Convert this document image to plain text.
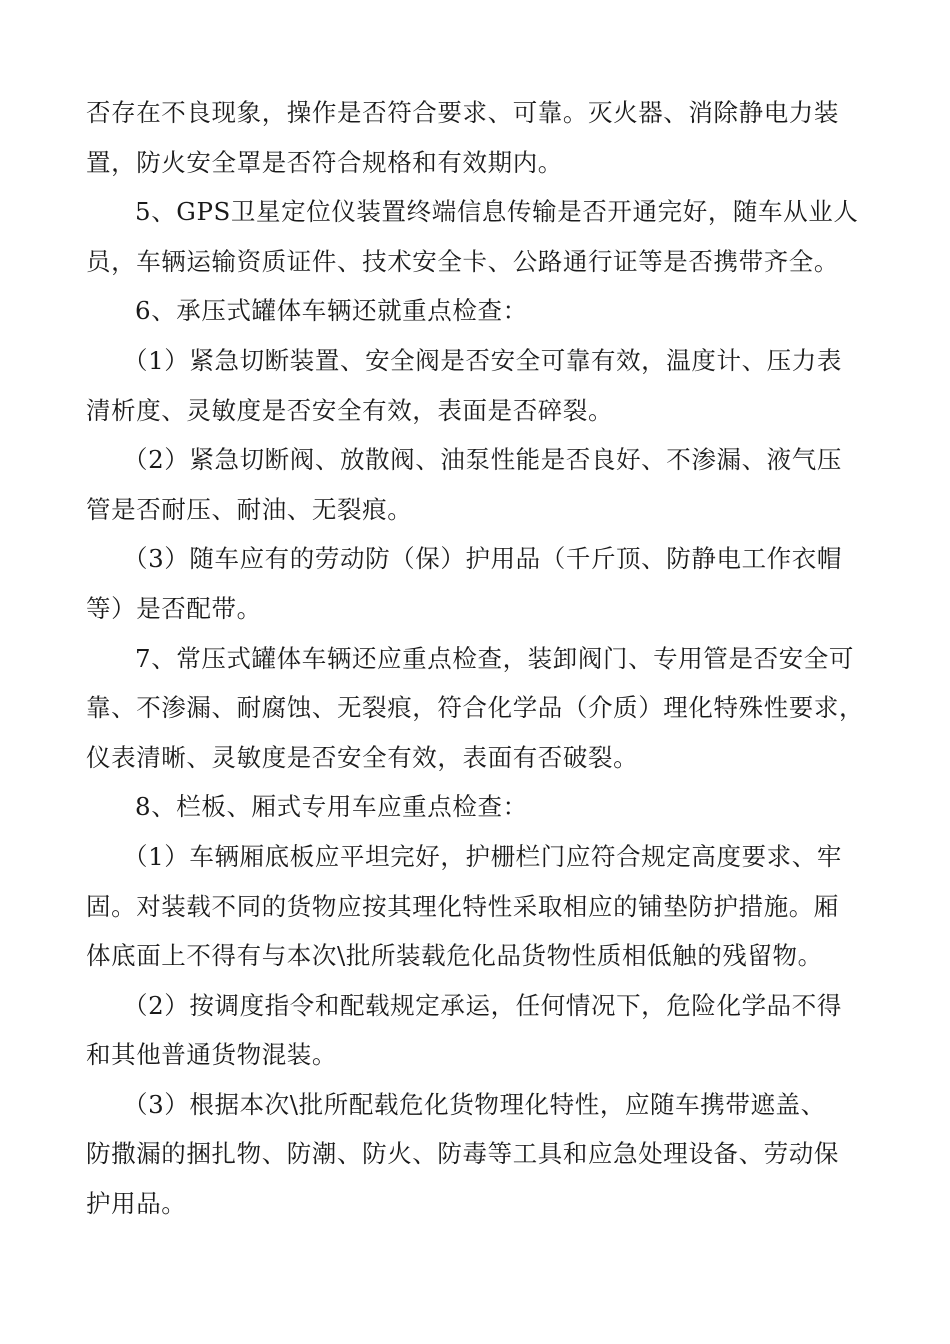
否存在不良现象，操作是否符合要求、可靠。灭火器、消除静电力装
置，防火安全罩是否符合规格和有效期内。
5、GPS卫星定位仪装置终端信息传输是否开通完好，随车从业人
员，车辆运输资质证件、技术安全卡、公路通行证等是否携带齐全。
6、承压式罐体车辆还就重点检查：
（1）紧急切断装置、安全阀是否安全可靠有效，温度计、压力表
清析度、灵敏度是否安全有效，表面是否碎裂。
（2）紧急切断阀、放散阀、油泵性能是否良好、不渗漏、液气压
管是否耐压、耐油、无裂痕。
（3）随车应有的劳动防（保）护用品（千斤顶、防静电工作衣帽
等）是否配带。
7、常压式罐体车辆还应重点检查，装卸阀门、专用管是否安全可
靠、不渗漏、耐腐蚀、无裂痕，符合化学品（介质）理化特殊性要求，
仪表清晰、灵敏度是否安全有效，表面有否破裂。
8、栏板、厢式专用车应重点检查：
（1）车辆厢底板应平坦完好，护栅栏门应符合规定高度要求、牢
固。对装载不同的货物应按其理化特性采取相应的铺垫防护措施。厢
体底面上不得有与本次\批所装载危化品货物性质相低触的残留物。
（2）按调度指令和配载规定承运，任何情况下，危险化学品不得
和其他普通货物混装。
（3）根据本次\批所配载危化货物理化特性，应随车携带遮盖、
防撒漏的捆扎物、防潮、防火、防毒等工具和应急处理设备、劳动保
护用品。
